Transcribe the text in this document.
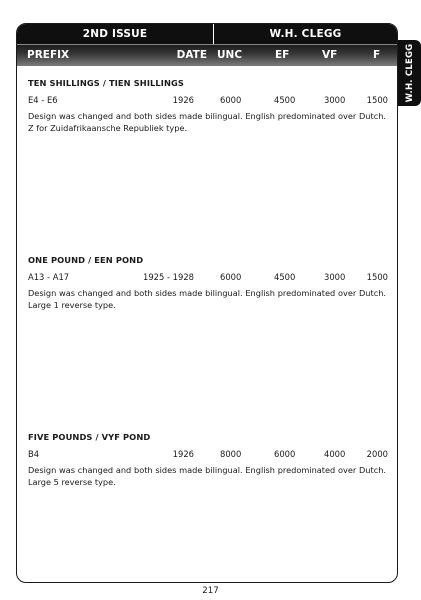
2ND ISSUE	W.H. CLEGG
PREFIX	DATE UNC	EF	VF	F	W.H. CLEGG
TEN SHILLINGS / TIEN SHILLINGS
E4 - E6	1926	6000	4500	3000	1500
Design was changed and both sides made bilingual. English predominated over Dutch. Z for Zuidafrikaansche Republiek type.
ONE POUND / EEN POND
A13 - A17	1925 - 1928	6000	4500	3000	1500
Design was changed and both sides made bilingual. English predominated over Dutch. Large 1 reverse type.
FIVE POUNDS / VYF POND
B4	1926	8000	6000	4000	2000
Design was changed and both sides made bilingual. English predominated over Dutch. Large 5 reverse type.
217
